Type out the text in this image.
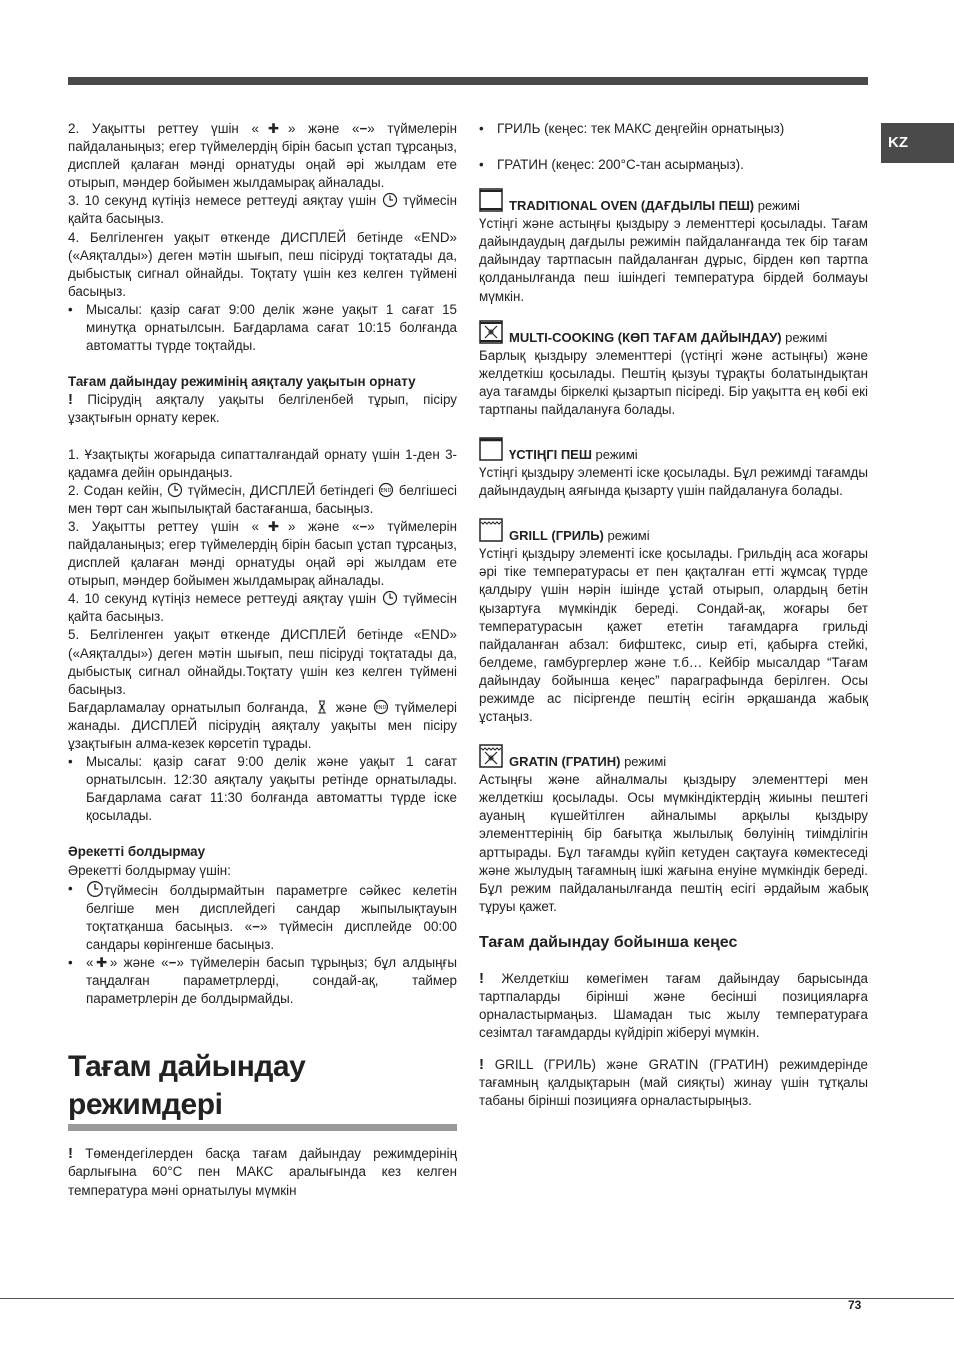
KZ

2. Уақытты реттеу үшін «✚» және «−» түймелерін пайдаланыңыз; егер түймелердің бірін басып ұстап тұрсаңыз, дисплей қалаған мәнді орнатуды оңай әрі жылдам ете отырып, мәндер бойымен жылдамырақ айналады.

3. 10 секунд күтіңіз немесе реттеуді аяқтау үшін түймесін қайта басыңыз.

4. Белгіленген уақыт өткенде ДИСПЛЕЙ бетінде «END» («Аяқталды») деген мәтін шығып, пеш пісіруді тоқтатады да, дыбыстық сигнал ойнайды. Тоқтату үшін кез келген түймені басыңыз.

• Мысалы: қазір сағат 9:00 делік және уақыт 1 сағат 15 минутқа орнатылсын. Бағдарлама сағат 10:15 болғанда автоматты түрде тоқтайды.

Тағам дайындау режимінің аяқталу уақытын орнату

! Пісірудің аяқталу уақыты белгіленбей тұрып, пісіру ұзақтығын орнату керек.

1. Ұзақтықты жоғарыда сипатталғандай орнату үшін 1-ден 3-қадамға дейін орындаңыз.

2. Содан кейін, түймесін, ДИСПЛЕЙ бетіндегі END белгішесі мен төрт сан жыпылықтай бастағанша, басыңыз.

3. Уақытты реттеу үшін «✚» және «−» түймелерін пайдаланыңыз; егер түймелердің бірін басып ұстап тұрсаңыз, дисплей қалаған мәнді орнатуды оңай әрі жылдам ете отырып, мәндер бойымен жылдамырақ айналады.

4. 10 секунд күтіңіз немесе реттеуді аяқтау үшін түймесін қайта басыңыз.

5. Белгіленген уақыт өткенде ДИСПЛЕЙ бетінде «END» («Аяқталды») деген мәтін шығып, пеш пісіруді тоқтатады да, дыбыстық сигнал ойнайды.Тоқтату үшін кез келген түймені басыңыз.

Бағдарламалау орнатылып болғанда, және END түймелері жанады. ДИСПЛЕЙ пісірудің аяқталу уақыты мен пісіру ұзақтығын алма-кезек көрсетіп тұрады.

• Мысалы: қазір сағат 9:00 делік және уақыт 1 сағат орнатылсын. 12:30 аяқталу уақыты ретінде орнатылады. Бағдарлама сағат 11:30 болғанда автоматты түрде іске қосылады.

Әрекетті болдырмау

Әрекетті болдырмау үшін:

• түймесін болдырмайтын параметрге сәйкес келетін белгіше мен дисплейдегі сандар жыпылықтауын тоқтатқанша басыңыз. «−» түймесін дисплейде 00:00 сандары көрінгенше басыңыз.

• «✚» және «−» түймелерін басып тұрыңыз; бұл алдыңғы таңдалған параметрлерді, сондай-ақ, таймер параметрлерін де болдырмайды.

Тағам дайындау режимдері

! Төмендегілерден басқа тағам дайындау режимдерінің барлығына 60°C пен МАКС аралығында кез келген температура мәні орнатылуы мүмкін

• ГРИЛЬ (кеңес: тек МАКС деңгейін орнатыңыз)

• ГРАТИН (кеңес: 200°C-тан асырмаңыз).

TRADITIONAL OVEN (ДАҒДЫЛЫ ПЕШ) режимі

Үстіңгі және астыңғы қыздыру э лементтері қосылады. Тағам дайындаудың дағдылы режимін пайдаланғанда тек бір тағам дайындау тартпасын пайдаланған дұрыс, бірден көп тартпа қолданылғанда пеш ішіндегі температура бірдей болмауы мүмкін.

MULTI-COOKING (КӨП ТАҒАМ ДАЙЫНДАУ) режимі

Барлық қыздыру элементтері (үстіңгі және астыңғы) және желдеткіш қосылады. Пештің қызуы тұрақты болатындықтан ауа тағамды біркелкі қызартып пісіреді. Бір уақытта ең көбі екі тартпаны пайдалануға болады.

ҮСТІҢГІ ПЕШ режимі

Үстіңгі қыздыру элементі іске қосылады. Бұл режимді тағамды дайындаудың аяғында қызарту үшін пайдалануға болады.

GRILL (ГРИЛЬ) режимі

Үстіңгі қыздыру элементі іске қосылады. Грильдің аса жоғары әрі тіке температурасы ет пен қақталған етті жұмсақ түрде қалдыру үшін нәрін ішінде ұстай отырып, олардың бетін қызартуға мүмкіндік береді. Сондай-ақ, жоғары бет температурасын қажет ететін тағамдарға грильді пайдаланған абзал: бифштекс, сиыр еті, қабырға стейкі, белдеме, гамбургерлер және т.б… Кейбір мысалдар “Тағам дайындау бойынша кеңес” параграфында берілген. Осы режимде ас пісіргенде пештің есігін әрқашанда жабық ұстаңыз.

GRATIN (ГРАТИН) режимі

Астыңғы және айналмалы қыздыру элементтері мен желдеткіш қосылады. Осы мүмкіндіктердің жиыны пештегі ауаның күшейтілген айналымы арқылы қыздыру элементтерінің бір бағытқа жылылық бөлуінің тиімділігін арттырады. Бұл тағамды күйіп кетуден сақтауға көмектеседі және жылудың тағамның ішкі жағына енуіне мүмкіндік береді. Бұл режим пайдаланылғанда пештің есігі әрдайым жабық тұруы қажет.

Тағам дайындау бойынша кеңес

! Желдеткіш көмегімен тағам дайындау барысында тартпаларды бірінші және бесінші позицияларға орналастырмаңыз. Шамадан тыс жылу температураға сезімтал тағамдарды күйдіріп жіберуі мүмкін.

! GRILL (ГРИЛЬ) және GRATIN (ГРАТИН) режимдерінде тағамның қалдықтарын (май сияқты) жинау үшін тұтқалы табаны бірінші позицияға орналастырыңыз.

73
